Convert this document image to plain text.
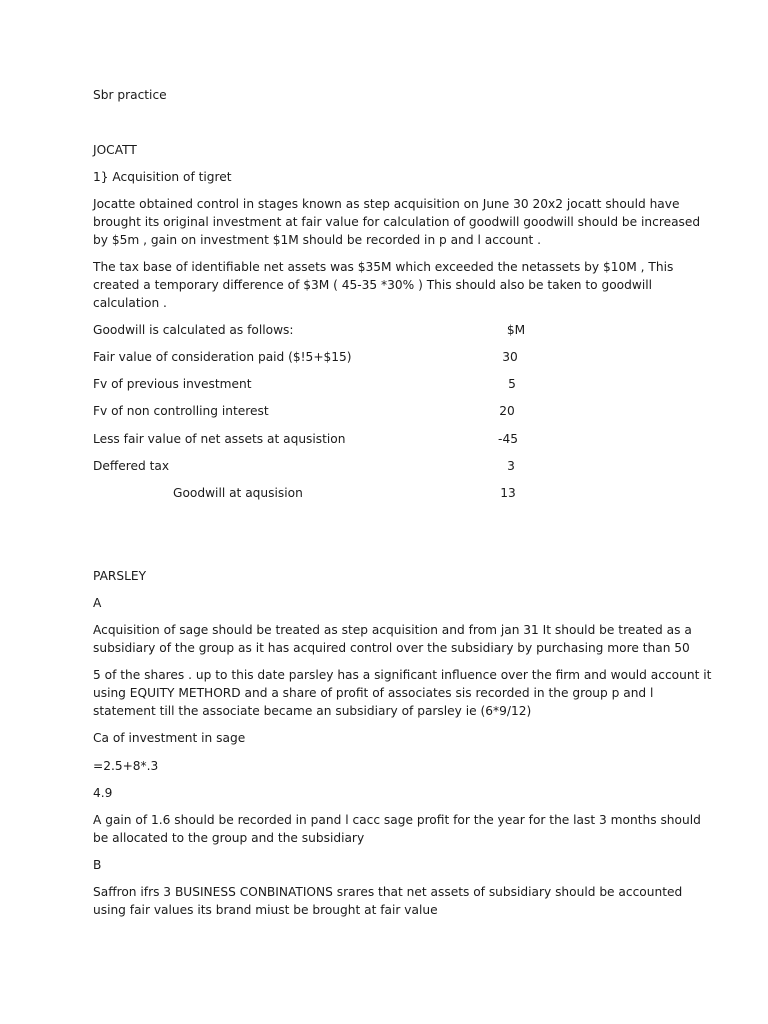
Sbr practice

JOCATT

1} Acquisition of tigret

Jocatte obtained control in stages known as step acquisition on June 30 20x2 jocatt should have

brought its original investment at fair value for calculation of goodwill goodwill should be increased

by $5m , gain on investment $1M should be recorded in p and l account .

The tax base of identifiable net assets was $35M which exceeded the netassets by $10M , This

created a temporary difference of $3M ( 45-35 *30% ) This should also be taken to goodwill

calculation .

Goodwill is calculated as follows:	$M

Fair value of consideration paid ($!5+$15)	30

Fv of previous investment	5

Fv of non controlling interest	20

Less fair value of net assets at aqusistion	-45

Deffered tax	3

Goodwill at aqusision	13

PARSLEY

A

Acquisition of sage should be treated as step acquisition and from jan 31 It should be treated as a

subsidiary of the group as it has acquired control over the subsidiary by purchasing more than 50

5 of the shares . up to this date parsley has a significant influence over the firm and would account it

using EQUITY METHORD and a share of profit of associates sis recorded in the group p and l

statement till the associate became an subsidiary of parsley ie (6*9/12)

Ca of investment in sage

=2.5+8*.3

4.9

A gain of 1.6 should be recorded in pand l cacc sage profit for the year for the last 3 months should

be allocated to the group and the subsidiary

B

Saffron ifrs 3 BUSINESS CONBINATIONS srares that net assets of subsidiary should be accounted

using fair values its brand miust be brought at fair value
